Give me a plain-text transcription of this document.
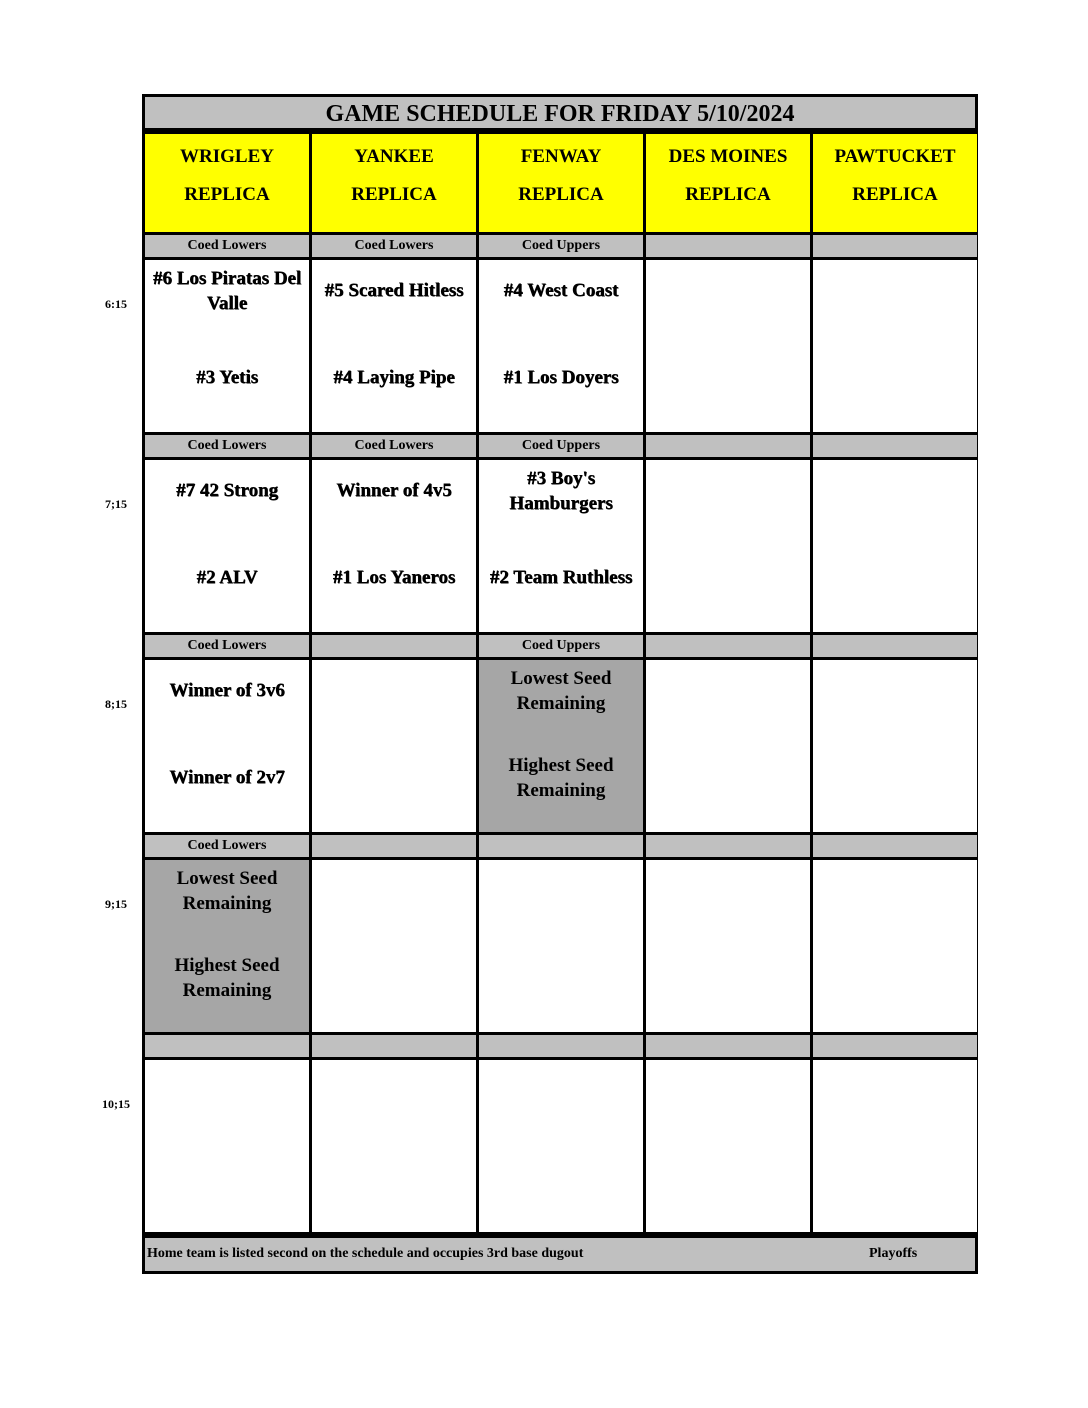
GAME SCHEDULE FOR FRIDAY 5/10/2024
WRIGLEY
REPLICA
YANKEE
REPLICA
FENWAY
REPLICA
DES MOINES
REPLICA
PAWTUCKET
REPLICA
Coed Lowers
#6 Los Piratas Del Valle
#3 Yetis
Coed Lowers
#5 Scared Hitless
#4 Laying Pipe
Coed Uppers
#4 West Coast
#1 Los Doyers
Coed Lowers
#7 42 Strong
#2 ALV
Coed Lowers
Winner of 4v5
#1 Los Yaneros
Coed Uppers
#3 Boy's Hamburgers
#2 Team Ruthless
Coed Lowers
Winner of 3v6
Winner of 2v7
Coed Uppers
Lowest Seed Remaining
Highest Seed Remaining
Coed Lowers
Lowest Seed Remaining
Highest Seed Remaining
Home team is listed second on the schedule and occupies 3rd base dugout	Playoffs
6:15
7;15
8;15
9;15
10;15
